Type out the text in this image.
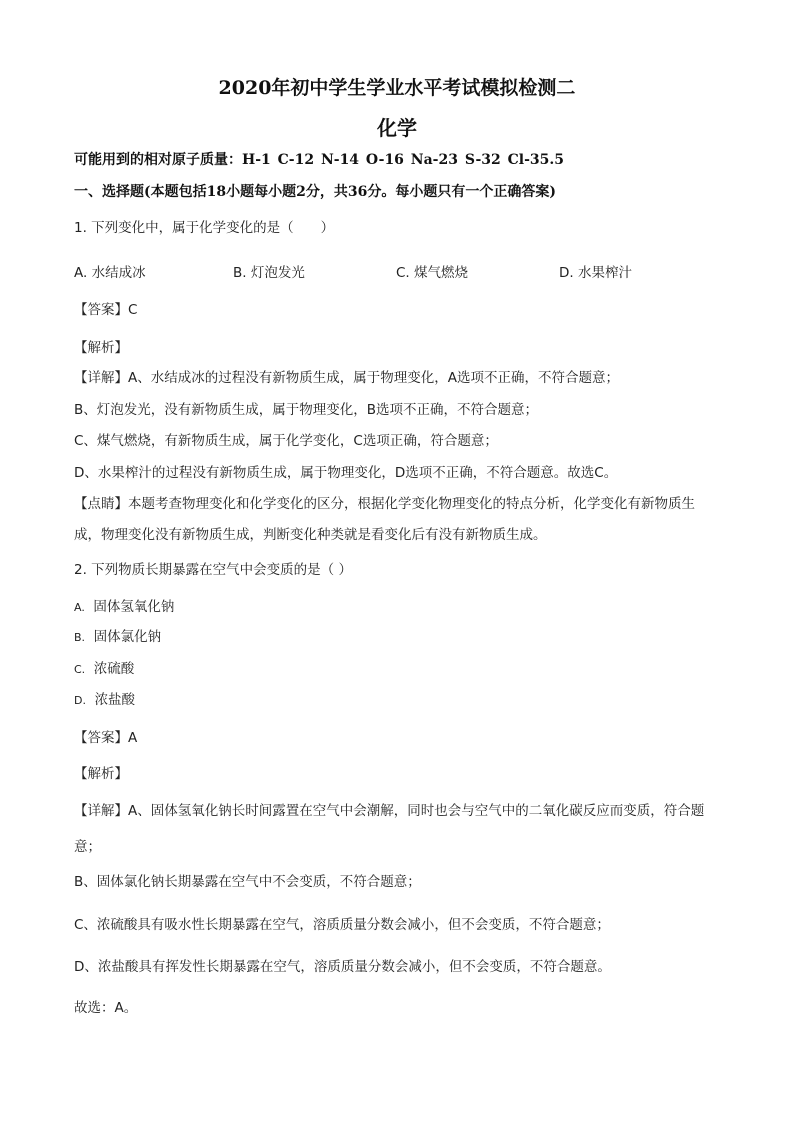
2020年初中学生学业水平考试模拟检测二
化学
可能用到的相对原子质量：H-1 C-12 N-14 O-16 Na-23 S-32 Cl-35.5
一、选择题(本题包括18小题每小题2分，共36分。每小题只有一个正确答案)
1. 下列变化中，属于化学变化的是（　　）
A. 水结成冰	B. 灯泡发光	C. 煤气燃烧	D. 水果榨汁
【答案】C
【解析】
【详解】A、水结成冰的过程没有新物质生成，属于物理变化，A选项不正确，不符合题意；
B、灯泡发光，没有新物质生成，属于物理变化，B选项不正确，不符合题意；
C、煤气燃烧，有新物质生成，属于化学变化，C选项正确，符合题意；
D、水果榨汁的过程没有新物质生成，属于物理变化，D选项不正确，不符合题意。故选C。
【点睛】本题考查物理变化和化学变化的区分，根据化学变化物理变化的特点分析，化学变化有新物质生
成，物理变化没有新物质生成，判断变化种类就是看变化后有没有新物质生成。
2. 下列物质长期暴露在空气中会变质的是（ ）
A. 固体氢氧化钠
B. 固体氯化钠
C. 浓硫酸
D. 浓盐酸
【答案】A
【解析】
【详解】A、固体氢氧化钠长时间露置在空气中会潮解，同时也会与空气中的二氧化碳反应而变质，符合题
意；
B、固体氯化钠长期暴露在空气中不会变质，不符合题意；
C、浓硫酸具有吸水性长期暴露在空气，溶质质量分数会减小，但不会变质，不符合题意；
D、浓盐酸具有挥发性长期暴露在空气，溶质质量分数会减小，但不会变质，不符合题意。
故选：A。
